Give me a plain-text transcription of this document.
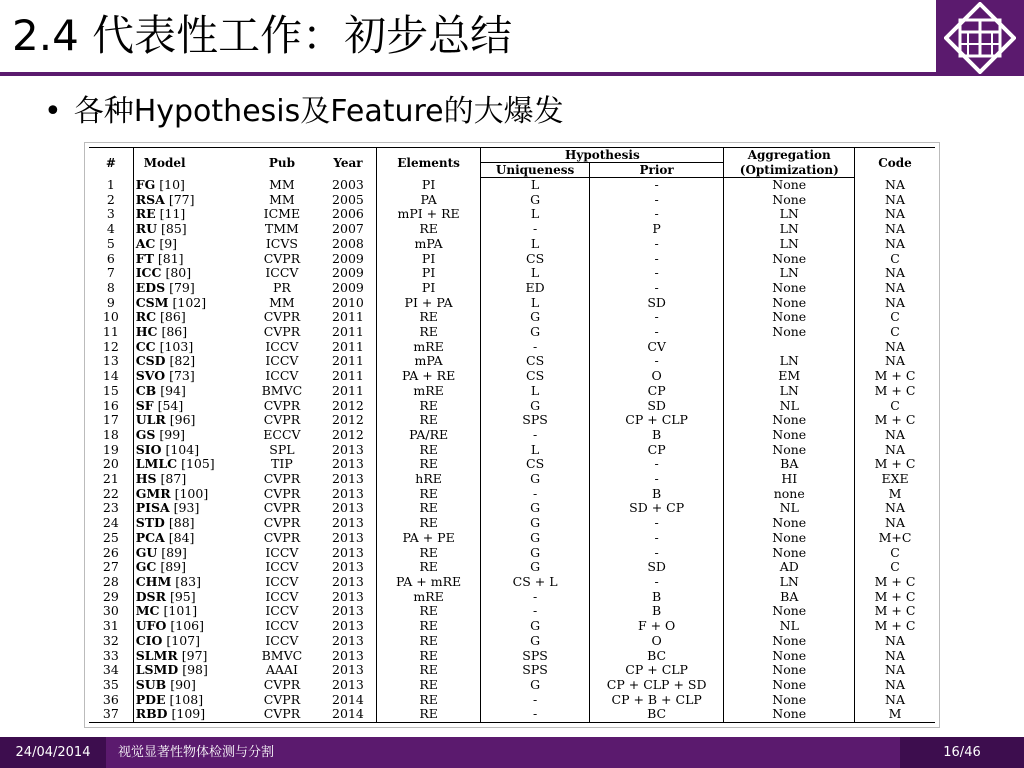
2.4 代表性工作：初步总结
• 各种Hypothesis及Feature的大爆发
#	Model	Pub	Year	Elements	Hypothesis		Aggregation	Code
					Uniqueness	Prior	(Optimization)	
1	FG [10]	MM	2003	PI	L	-	None	NA
2	RSA [77]	MM	2005	PA	G	-	None	NA
3	RE [11]	ICME	2006	mPI + RE	L	-	LN	NA
4	RU [85]	TMM	2007	RE	-	P	LN	NA
5	AC [9]	ICVS	2008	mPA	L	-	LN	NA
6	FT [81]	CVPR	2009	PI	CS	-	None	C
7	ICC [80]	ICCV	2009	PI	L	-	LN	NA
8	EDS [79]	PR	2009	PI	ED	-	None	NA
9	CSM [102]	MM	2010	PI + PA	L	SD	None	NA
10	RC [86]	CVPR	2011	RE	G	-	None	C
11	HC [86]	CVPR	2011	RE	G	-	None	C
12	CC [103]	ICCV	2011	mRE	-	CV		NA
13	CSD [82]	ICCV	2011	mPA	CS	-	LN	NA
14	SVO [73]	ICCV	2011	PA + RE	CS	O	EM	M + C
15	CB [94]	BMVC	2011	mRE	L	CP	LN	M + C
16	SF [54]	CVPR	2012	RE	G	SD	NL	C
17	ULR [96]	CVPR	2012	RE	SPS	CP + CLP	None	M + C
18	GS [99]	ECCV	2012	PA/RE	-	B	None	NA
19	SIO [104]	SPL	2013	RE	L	CP	None	NA
20	LMLC [105]	TIP	2013	RE	CS	-	BA	M + C
21	HS [87]	CVPR	2013	hRE	G	-	HI	EXE
22	GMR [100]	CVPR	2013	RE	-	B	none	M
23	PISA [93]	CVPR	2013	RE	G	SD + CP	NL	NA
24	STD [88]	CVPR	2013	RE	G	-	None	NA
25	PCA [84]	CVPR	2013	PA + PE	G	-	None	M+C
26	GU [89]	ICCV	2013	RE	G	-	None	C
27	GC [89]	ICCV	2013	RE	G	SD	AD	C
28	CHM [83]	ICCV	2013	PA + mRE	CS + L	-	LN	M + C
29	DSR [95]	ICCV	2013	mRE	-	B	BA	M + C
30	MC [101]	ICCV	2013	RE	-	B	None	M + C
31	UFO [106]	ICCV	2013	RE	G	F + O	NL	M + C
32	CIO [107]	ICCV	2013	RE	G	O	None	NA
33	SLMR [97]	BMVC	2013	RE	SPS	BC	None	NA
34	LSMD [98]	AAAI	2013	RE	SPS	CP + CLP	None	NA
35	SUB [90]	CVPR	2013	RE	G	CP + CLP + SD	None	NA
36	PDE [108]	CVPR	2014	RE	-	CP + B + CLP	None	NA
37	RBD [109]	CVPR	2014	RE	-	BC	None	M
24/04/2014	视觉显著性物体检测与分割	16/46
